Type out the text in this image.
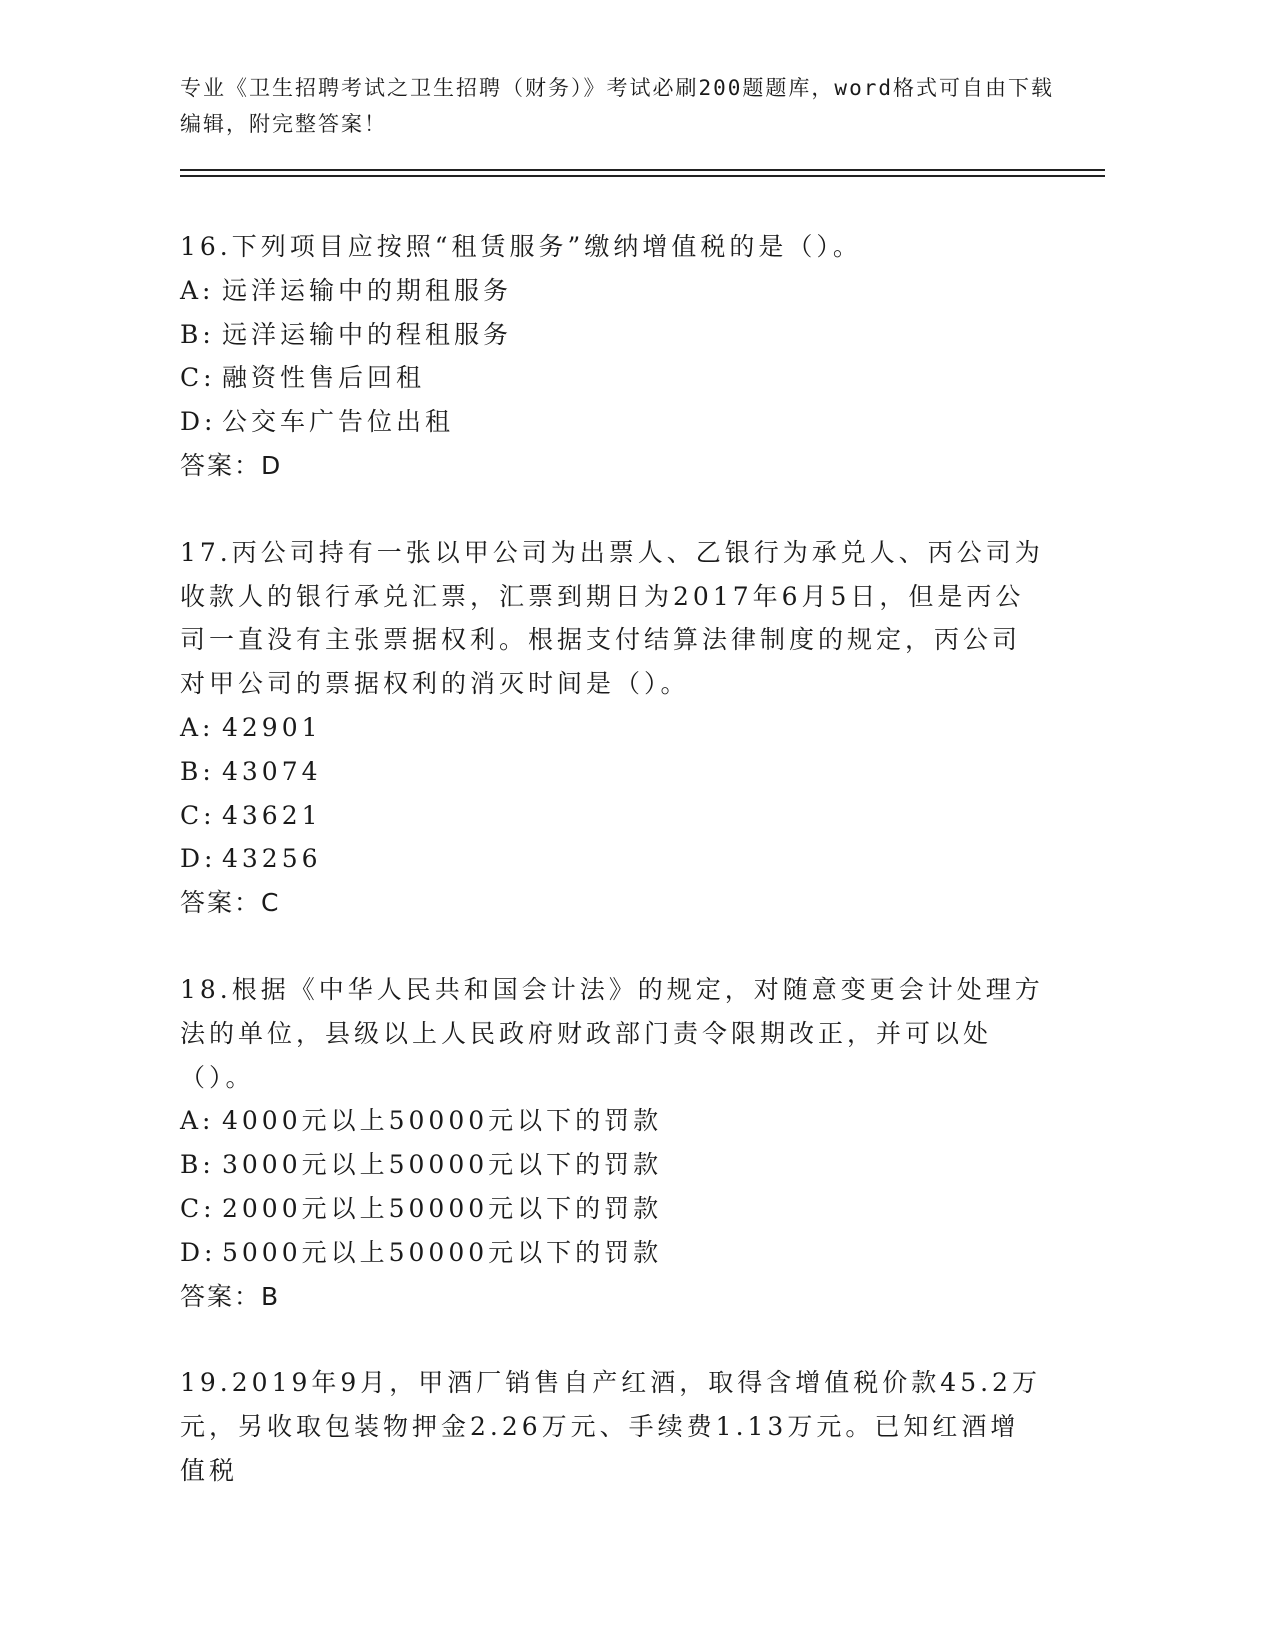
专业《卫生招聘考试之卫生招聘（财务）》考试必刷200题题库，word格式可自由下载编辑，附完整答案！

16.下列项目应按照“租赁服务”缴纳增值税的是（）。

A: 远洋运输中的期租服务

B: 远洋运输中的程租服务

C: 融资性售后回租

D: 公交车广告位出租

答案：D

17.丙公司持有一张以甲公司为出票人、乙银行为承兑人、丙公司为收款人的银行承兑汇票，汇票到期日为2017年6月5日，但是丙公司一直没有主张票据权利。根据支付结算法律制度的规定，丙公司对甲公司的票据权利的消灭时间是（）。

A: 42901

B: 43074

C: 43621

D: 43256

答案：C

18.根据《中华人民共和国会计法》的规定，对随意变更会计处理方法的单位，县级以上人民政府财政部门责令限期改正，并可以处（）。

A: 4000元以上50000元以下的罚款

B: 3000元以上50000元以下的罚款

C: 2000元以上50000元以下的罚款

D: 5000元以上50000元以下的罚款

答案：B

19.2019年9月，甲酒厂销售自产红酒，取得含增值税价款45.2万元，另收取包装物押金2.26万元、手续费1.13万元。已知红酒增值税
